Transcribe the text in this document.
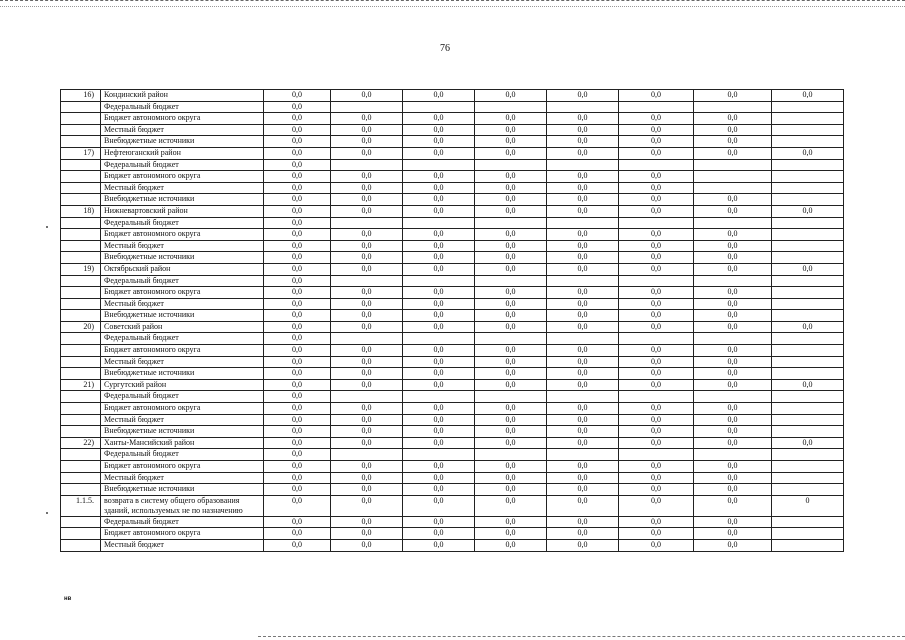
76
16)	Кондинский район	0,0	0,0	0,0	0,0	0,0	0,0	0,0	0,0
	Федеральный бюджет	0,0							
	Бюджет автономного округа	0,0	0,0	0,0	0,0	0,0	0,0	0,0	
	Местный бюджет	0,0	0,0	0,0	0,0	0,0	0,0	0,0	
	Внебюджетные источники	0,0	0,0	0,0	0,0	0,0	0,0	0,0	
17)	Нефтеюганский район	0,0	0,0	0,0	0,0	0,0	0,0	0,0	0,0
	Федеральный бюджет	0,0							
	Бюджет автономного округа	0,0	0,0	0,0	0,0	0,0	0,0		
	Местный бюджет	0,0	0,0	0,0	0,0	0,0	0,0		
	Внебюджетные источники	0,0	0,0	0,0	0,0	0,0	0,0	0,0	
18)	Нижневартовский район	0,0	0,0	0,0	0,0	0,0	0,0	0,0	0,0
	Федеральный бюджет	0,0							
	Бюджет автономного округа	0,0	0,0	0,0	0,0	0,0	0,0	0,0	
	Местный бюджет	0,0	0,0	0,0	0,0	0,0	0,0	0,0	
	Внебюджетные источники	0,0	0,0	0,0	0,0	0,0	0,0	0,0	
19)	Октябрьский район	0,0	0,0	0,0	0,0	0,0	0,0	0,0	0,0
	Федеральный бюджет	0,0							
	Бюджет автономного округа	0,0	0,0	0,0	0,0	0,0	0,0	0,0	
	Местный бюджет	0,0	0,0	0,0	0,0	0,0	0,0	0,0	
	Внебюджетные источники	0,0	0,0	0,0	0,0	0,0	0,0	0,0	
20)	Советский район	0,0	0,0	0,0	0,0	0,0	0,0	0,0	0,0
	Федеральный бюджет	0,0							
	Бюджет автономного округа	0,0	0,0	0,0	0,0	0,0	0,0	0,0	
	Местный бюджет	0,0	0,0	0,0	0,0	0,0	0,0	0,0	
	Внебюджетные источники	0,0	0,0	0,0	0,0	0,0	0,0	0,0	
21)	Сургутский район	0,0	0,0	0,0	0,0	0,0	0,0	0,0	0,0
	Федеральный бюджет	0,0							
	Бюджет автономного округа	0,0	0,0	0,0	0,0	0,0	0,0	0,0	
	Местный бюджет	0,0	0,0	0,0	0,0	0,0	0,0	0,0	
	Внебюджетные источники	0,0	0,0	0,0	0,0	0,0	0,0	0,0	
22)	Ханты-Мансийский район	0,0	0,0	0,0	0,0	0,0	0,0	0,0	0,0
	Федеральный бюджет	0,0							
	Бюджет автономного округа	0,0	0,0	0,0	0,0	0,0	0,0	0,0	
	Местный бюджет	0,0	0,0	0,0	0,0	0,0	0,0	0,0	
	Внебюджетные источники	0,0	0,0	0,0	0,0	0,0	0,0	0,0	
1.1.5.	возврата в систему общего образования зданий, используемых не по назначению	0,0	0,0	0,0	0,0	0,0	0,0	0,0	0
	Федеральный бюджет	0,0	0,0	0,0	0,0	0,0	0,0	0,0	
	Бюджет автономного округа	0,0	0,0	0,0	0,0	0,0	0,0	0,0	
	Местный бюджет	0,0	0,0	0,0	0,0	0,0	0,0	0,0	
нв
